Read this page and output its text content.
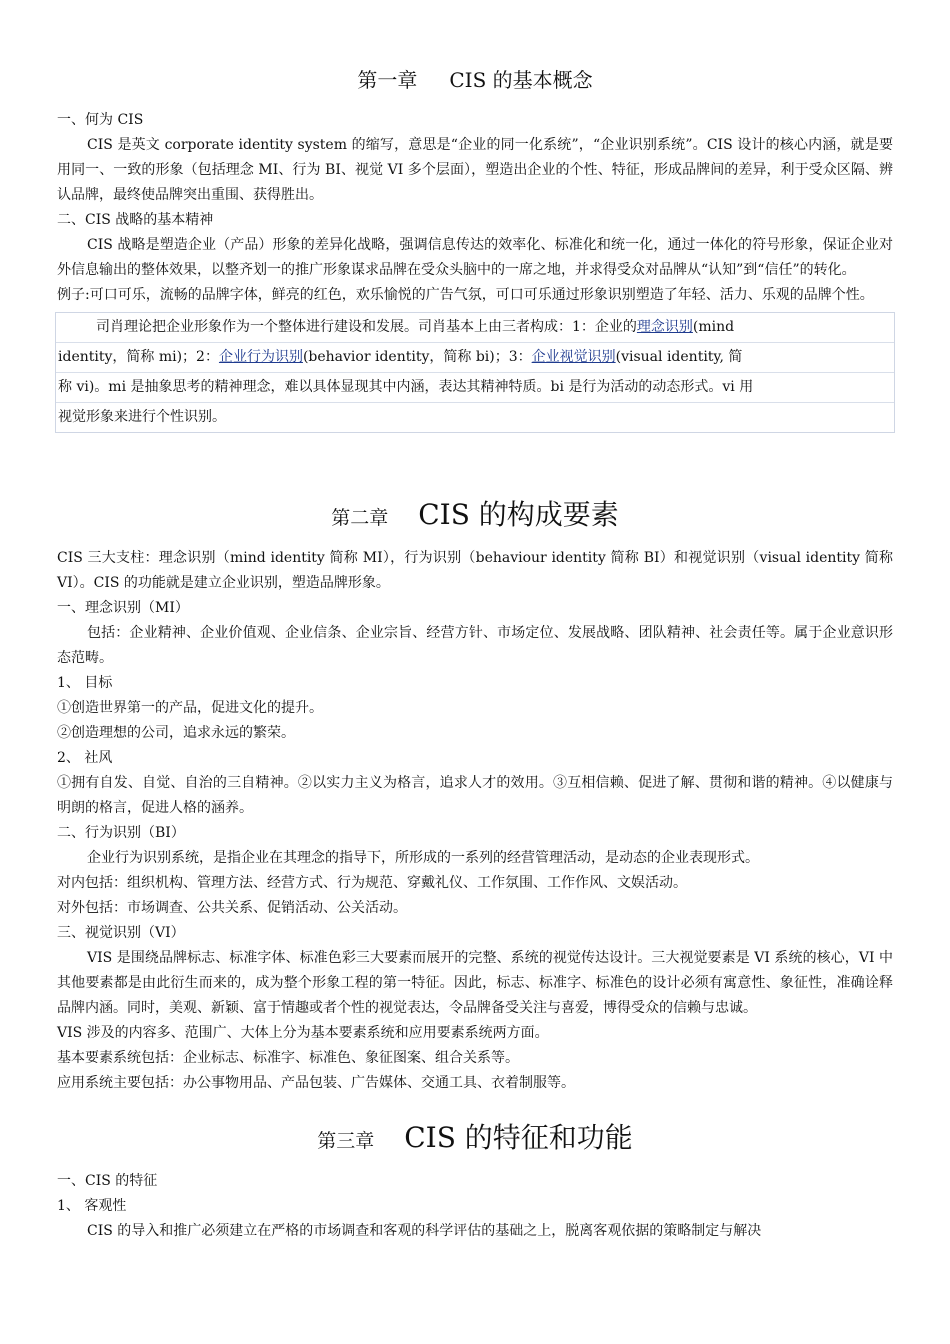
第一章 CIS 的基本概念

一、何为 CIS

CIS 是英文 corporate identity system 的缩写，意思是“企业的同一化系统”，“企业识别系统”。CIS 设计的核心内涵，就是要用同一、一致的形象（包括理念 MI、行为 BI、视觉 VI 多个层面），塑造出企业的个性、特征，形成品牌间的差异，利于受众区隔、辨认品牌，最终使品牌突出重围、获得胜出。

二、CIS 战略的基本精神

CIS 战略是塑造企业（产品）形象的差异化战略，强调信息传达的效率化、标准化和统一化，通过一体化的符号形象，保证企业对外信息输出的整体效果，以整齐划一的推广形象谋求品牌在受众头脑中的一席之地，并求得受众对品牌从“认知”到“信任”的转化。

例子:可口可乐，流畅的品牌字体，鲜亮的红色，欢乐愉悦的广告气氛，可口可乐通过形象识别塑造了年轻、活力、乐观的品牌个性。

司肖理论把企业形象作为一个整体进行建设和发展。司肖基本上由三者构成：1：企业的理念识别(mind
identity，简称 mi)；2：企业行为识别(behavior identity，简称 bi)；3：企业视觉识别(visual identity, 简
称 vi)。mi 是抽象思考的精神理念，难以具体显现其中内涵，表达其精神特质。bi 是行为活动的动态形式。vi 用
视觉形象来进行个性识别。
第二章 CIS 的构成要素

CIS 三大支柱：理念识别（mind identity 简称 MI），行为识别（behaviour identity 简称 BI）和视觉识别（visual identity 简称 VI）。CIS 的功能就是建立企业识别，塑造品牌形象。

一、理念识别（MI）

包括：企业精神、企业价值观、企业信条、企业宗旨、经营方针、市场定位、发展战略、团队精神、社会责任等。属于企业意识形态范畴。

1、 目标

①创造世界第一的产品，促进文化的提升。

②创造理想的公司，追求永远的繁荣。

2、 社风

①拥有自发、自觉、自治的三自精神。②以实力主义为格言，追求人才的效用。③互相信赖、促进了解、贯彻和谐的精神。④以健康与明朗的格言，促进人格的涵养。

二、行为识别（BI）

企业行为识别系统，是指企业在其理念的指导下，所形成的一系列的经营管理活动，是动态的企业表现形式。

对内包括：组织机构、管理方法、经营方式、行为规范、穿戴礼仪、工作氛围、工作作风、文娱活动。

对外包括：市场调查、公共关系、促销活动、公关活动。

三、视觉识别（VI）

VIS 是围绕品牌标志、标准字体、标准色彩三大要素而展开的完整、系统的视觉传达设计。三大视觉要素是 VI 系统的核心，VI 中其他要素都是由此衍生而来的，成为整个形象工程的第一特征。因此，标志、标准字、标准色的设计必须有寓意性、象征性，准确诠释品牌内涵。同时，美观、新颖、富于情趣或者个性的视觉表达，令品牌备受关注与喜爱，博得受众的信赖与忠诚。

VIS 涉及的内容多、范围广、大体上分为基本要素系统和应用要素系统两方面。

基本要素系统包括：企业标志、标准字、标准色、象征图案、组合关系等。

应用系统主要包括：办公事物用品、产品包装、广告媒体、交通工具、衣着制服等。

第三章 CIS 的特征和功能

一、CIS 的特征

1、 客观性

CIS 的导入和推广必须建立在严格的市场调查和客观的科学评估的基础之上，脱离客观依据的策略制定与解决
